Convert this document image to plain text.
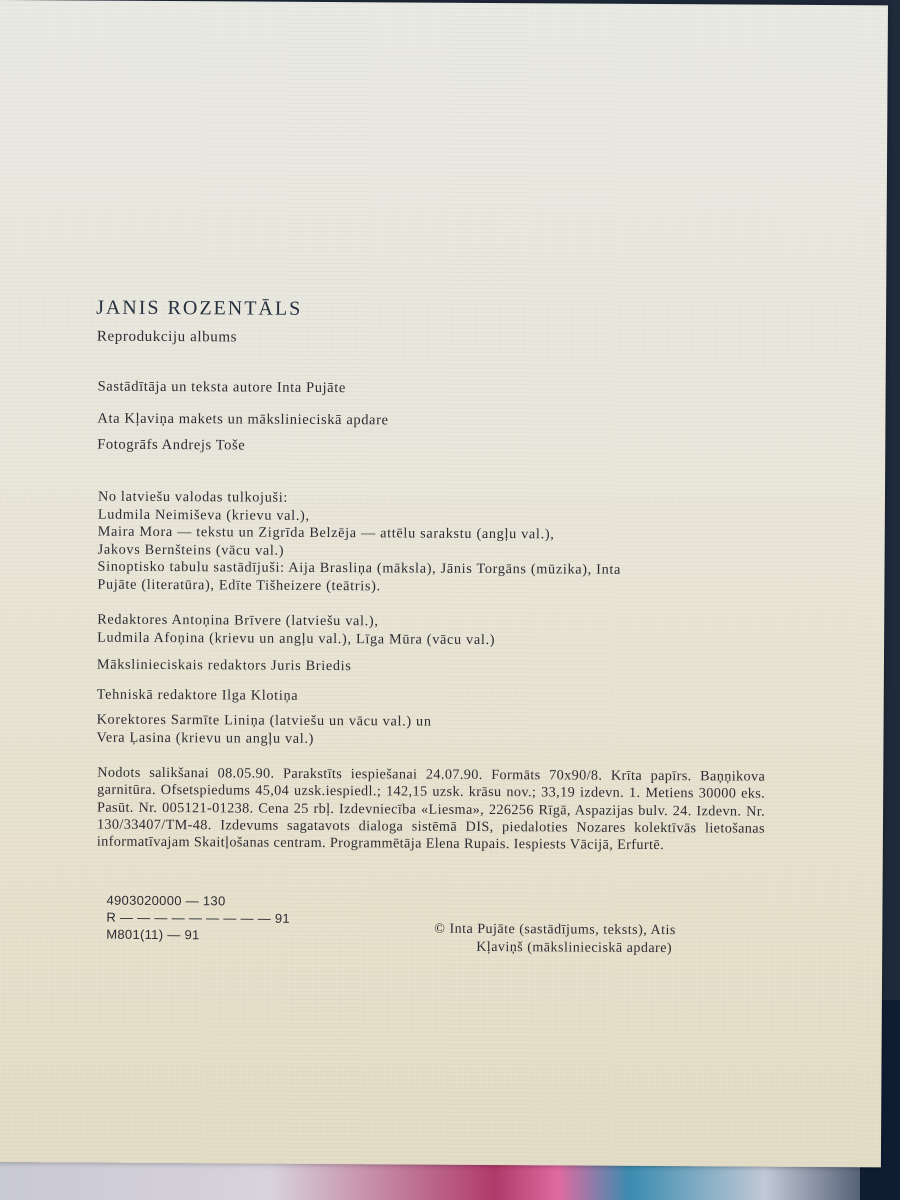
JANIS ROZENTĀLS
Reprodukciju albums
Sastādītāja un teksta autore Inta Pujāte
Ata Kļaviņa makets un mākslinieciskā apdare
Fotogrāfs Andrejs Toše
No latviešu valodas tulkojuši:
Ludmila Neimiševa (krievu val.),
Maira Mora — tekstu un Zigrīda Belzēja — attēlu sarakstu (angļu val.),
Jakovs Bernšteins (vācu val.)
Sinoptisko tabulu sastādījuši: Aija Brasliņa (māksla), Jānis Torgāns (mūzika), Inta
Pujāte (literatūra), Edīte Tišheizere (teātris).
Redaktores Antoņina Brīvere (latviešu val.),
Ludmila Afoņina (krievu un angļu val.), Līga Mūra (vācu val.)
Mākslinieciskais redaktors Juris Briedis
Tehniskā redaktore Ilga Klotiņa
Korektores Sarmīte Liniņa (latviešu un vācu val.) un
Vera Ļasina (krievu un angļu val.)
Nodots salikšanai 08.05.90. Parakstīts iespiešanai 24.07.90. Formāts 70x90/8. Krīta papīrs. Baņņikova garnitūra. Ofsetspiedums 45,04 uzsk.iespiedl.; 142,15 uzsk. krāsu nov.; 33,19 izdevn. 1. Metiens 30000 eks. Pasūt. Nr. 005121-01238. Cena 25 rbļ. Izdevniecība «Liesma», 226256 Rīgā, Aspazijas bulv. 24. Izdevn. Nr. 130/33407/TM-48. Izdevums sagatavots dialoga sistēmā DIS, piedaloties Nozares kolektīvās lietošanas informatīvajam Skaitļošanas centram. Programmētāja Elena Rupais. Iespiests Vācijā, Erfurtē.
4903020000 — 130
R — — — — — — — — — 91
M801(11) — 91	© Inta Pujāte (sastādījums, teksts), Atis
Kļaviņš (mākslinieciskā apdare)
